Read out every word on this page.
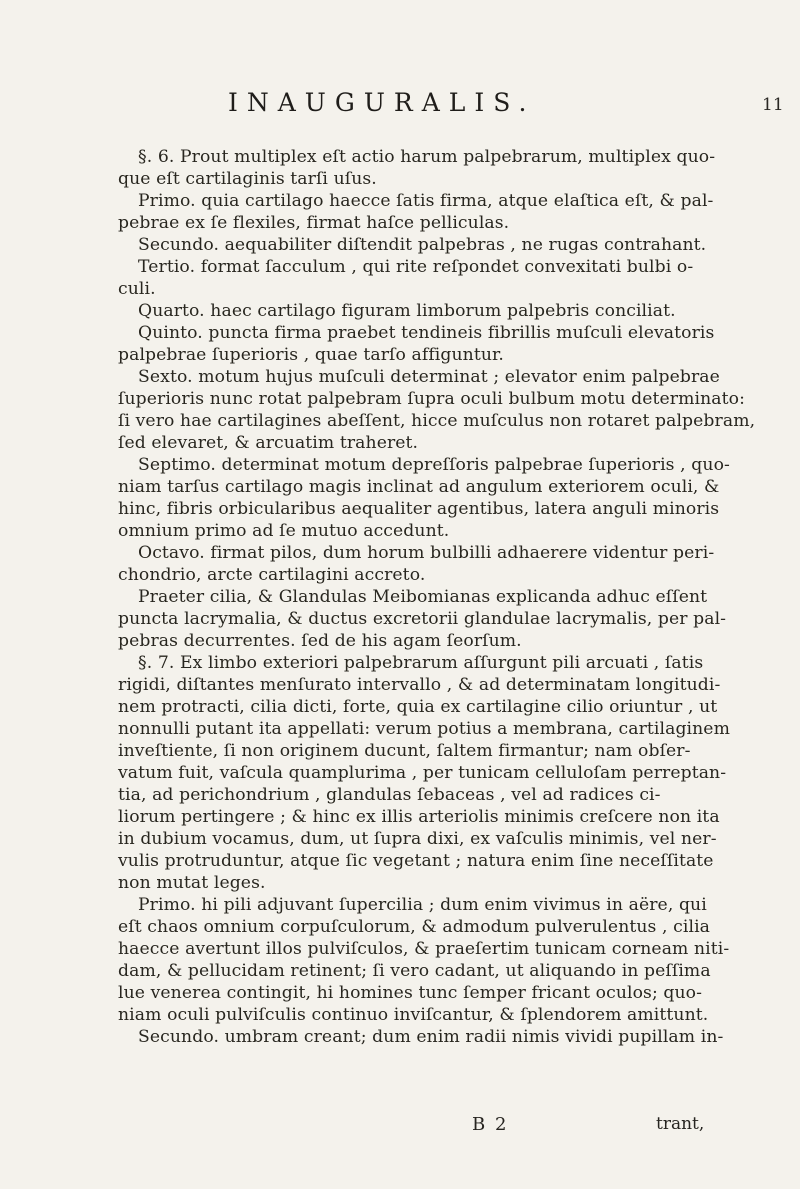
INAUGURALIS.	11
§. 6. Prout multiplex eſt actio harum palpebrarum, multiplex quo-
que eſt cartilaginis tarſi uſus.
Primo. quia cartilago haecce ſatis firma, atque elaſtica eſt, & pal-
pebrae ex ſe flexiles, firmat haſce pelliculas.
Secundo. aequabiliter diſtendit palpebras , ne rugas contrahant.
Tertio. format ſacculum , qui rite reſpondet convexitati bulbi o-
culi.
Quarto. haec cartilago figuram limborum palpebris conciliat.
Quinto. puncta firma praebet tendineis fibrillis muſculi elevatoris
palpebrae ſuperioris , quae tarſo affiguntur.
Sexto. motum hujus muſculi determinat ; elevator enim palpebrae
ſuperioris nunc rotat palpebram ſupra oculi bulbum motu determinato:
ſi vero hae cartilagines abeſſent, hicce muſculus non rotaret palpebram,
ſed elevaret, & arcuatim traheret.
Septimo. determinat motum depreſſoris palpebrae ſuperioris , quo-
niam tarſus cartilago magis inclinat ad angulum exteriorem oculi, &
hinc, fibris orbicularibus aequaliter agentibus, latera anguli minoris
omnium primo ad ſe mutuo accedunt.
Octavo. firmat pilos, dum horum bulbilli adhaerere videntur peri-
chondrio, arcte cartilagini accreto.
Praeter cilia, & Glandulas Meibomianas explicanda adhuc eſſent
puncta lacrymalia, & ductus excretorii glandulae lacrymalis, per pal-
pebras decurrentes. ſed de his agam ſeorſum.
§. 7. Ex limbo exteriori palpebrarum aſſurgunt pili arcuati , ſatis
rigidi, diſtantes menſurato intervallo , & ad determinatam longitudi-
nem protracti, cilia dicti, forte, quia ex cartilagine cilio oriuntur , ut
nonnulli putant ita appellati: verum potius a membrana, cartilaginem
inveſtiente, ſi non originem ducunt, ſaltem firmantur; nam obſer-
vatum fuit, vaſcula quamplurima , per tunicam celluloſam perreptan-
tia, ad perichondrium , glandulas ſebaceas , vel ad radices ci-
liorum pertingere ; & hinc ex illis arteriolis minimis creſcere non ita
in dubium vocamus, dum, ut ſupra dixi, ex vaſculis minimis, vel ner-
vulis protruduntur, atque ſic vegetant ; natura enim ſine neceſſitate
non mutat leges.
Primo. hi pili adjuvant ſupercilia ; dum enim vivimus in aëre, qui
eſt chaos omnium corpuſculorum, & admodum pulverulentus , cilia
haecce avertunt illos pulviſculos, & praeſertim tunicam corneam niti-
dam, & pellucidam retinent; ſi vero cadant, ut aliquando in peſſima
lue venerea contingit, hi homines tunc ſemper fricant oculos; quo-
niam oculi pulviſculis continuo inviſcantur, & ſplendorem amittunt.
Secundo. umbram creant; dum enim radii nimis vividi pupillam in-
B 2	trant,
